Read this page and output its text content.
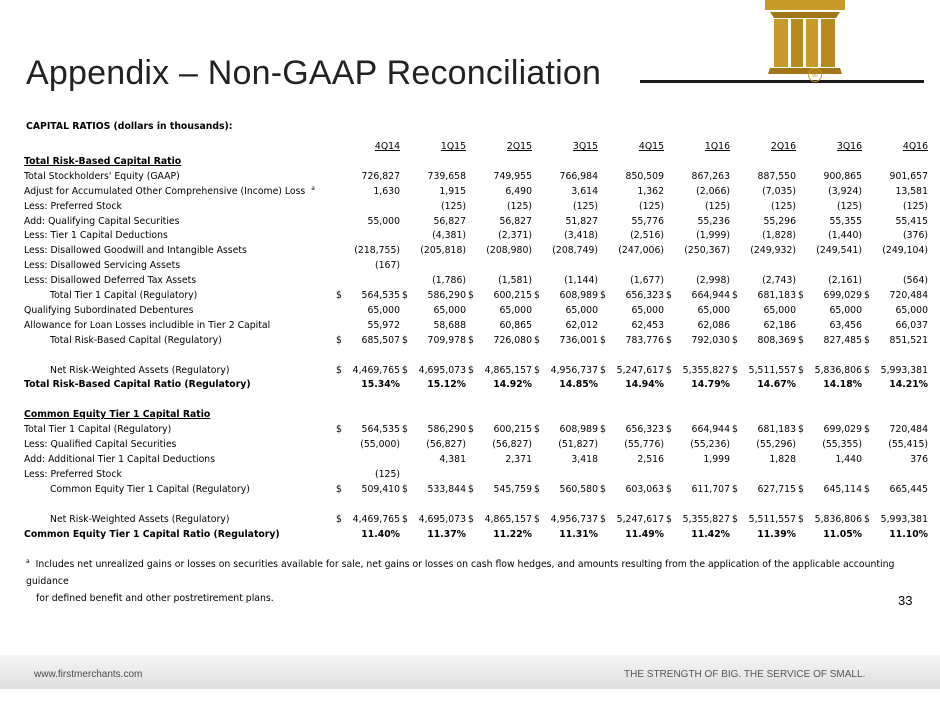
Appendix – Non-GAAP Reconciliation	®
CAPITAL RATIOS (dollars in thousands):
	4Q14	1Q15	2Q15	3Q15	4Q15	1Q16	2Q16	3Q16	4Q16
Total Risk-Based Capital Ratio									
Total Stockholders' Equity (GAAP)	726,827	739,658	749,955	766,984	850,509	867,263	887,550	900,865	901,657
Adjust for Accumulated Other Comprehensive (Income) Loss $^a$	1,630	1,915	6,490	3,614	1,362	(2,066)	(7,035)	(3,924)	13,581
Less: Preferred Stock		(125)	(125)	(125)	(125)	(125)	(125)	(125)	(125)
Add: Qualifying Capital Securities	55,000	56,827	56,827	51,827	55,776	55,236	55,296	55,355	55,415
Less: Tier 1 Capital Deductions		(4,381)	(2,371)	(3,418)	(2,516)	(1,999)	(1,828)	(1,440)	(376)
Less: Disallowed Goodwill and Intangible Assets	(218,755)	(205,818)	(208,980)	(208,749)	(247,006)	(250,367)	(249,932)	(249,541)	(249,104)
Less: Disallowed Servicing Assets	(167)								
Less: Disallowed Deferred Tax Assets		(1,786)	(1,581)	(1,144)	(1,677)	(2,998)	(2,743)	(2,161)	(564)
Total Tier 1 Capital (Regulatory)	$ 564,535	$ 586,290	$ 600,215	$ 608,989	$ 656,323	$ 664,944	$ 681,183	$ 699,029	$ 720,484

Qualifying Subordinated Debentures	65,000	65,000	65,000	65,000	65,000	65,000	65,000	65,000	65,000
Allowance for Loan Losses includible in Tier 2 Capital	55,972	58,688	60,865	62,012	62,453	62,086	62,186	63,456	66,037
Total Risk-Based Capital (Regulatory)	$ 685,507	$ 709,978	$ 726,080	$ 736,001	$ 783,776	$ 792,030	$ 808,369	$ 827,485	$ 851,521

Net Risk-Weighted Assets (Regulatory)	$ 4,469,765	$ 4,695,073	$ 4,865,157	$ 4,956,737	$ 5,247,617	$ 5,355,827	$ 5,511,557	$ 5,836,806	$ 5,993,381

Total Risk-Based Capital Ratio (Regulatory)	15.34%	15.12%	14.92%	14.85%	14.94%	14.79%	14.67%	14.18%	14.21%

Common Equity Tier 1 Capital Ratio									
Total Tier 1 Capital (Regulatory)	$ 564,535	$ 586,290	$ 600,215	$ 608,989	$ 656,323	$ 664,944	$ 681,183	$ 699,029	$ 720,484

Less: Qualified Capital Securities	(55,000)	(56,827)	(56,827)	(51,827)	(55,776)	(55,236)	(55,296)	(55,355)	(55,415)
Add: Additional Tier 1 Capital Deductions		4,381	2,371	3,418	2,516	1,999	1,828	1,440	376
Less: Preferred Stock	(125)								
Common Equity Tier 1 Capital (Regulatory)	$ 509,410	$ 533,844	$ 545,759	$ 560,580	$ 603,063	$ 611,707	$ 627,715	$ 645,114	$ 665,445

Net Risk-Weighted Assets (Regulatory)	$ 4,469,765	$ 4,695,073	$ 4,865,157	$ 4,956,737	$ 5,247,617	$ 5,355,827	$ 5,511,557	$ 5,836,806	$ 5,993,381

Common Equity Tier 1 Capital Ratio (Regulatory)	11.40%	11.37%	11.22%	11.31%	11.49%	11.42%	11.39%	11.05%	11.10%
$^a$ Includes net unrealized gains or losses on securities available for sale, net gains or losses on cash flow hedges, and amounts resulting from the application of the applicable accounting guidance
for defined benefit and other postretirement plans.	33
www.firstmerchants.com	THE STRENGTH OF BIG. THE SERVICE OF SMALL.
